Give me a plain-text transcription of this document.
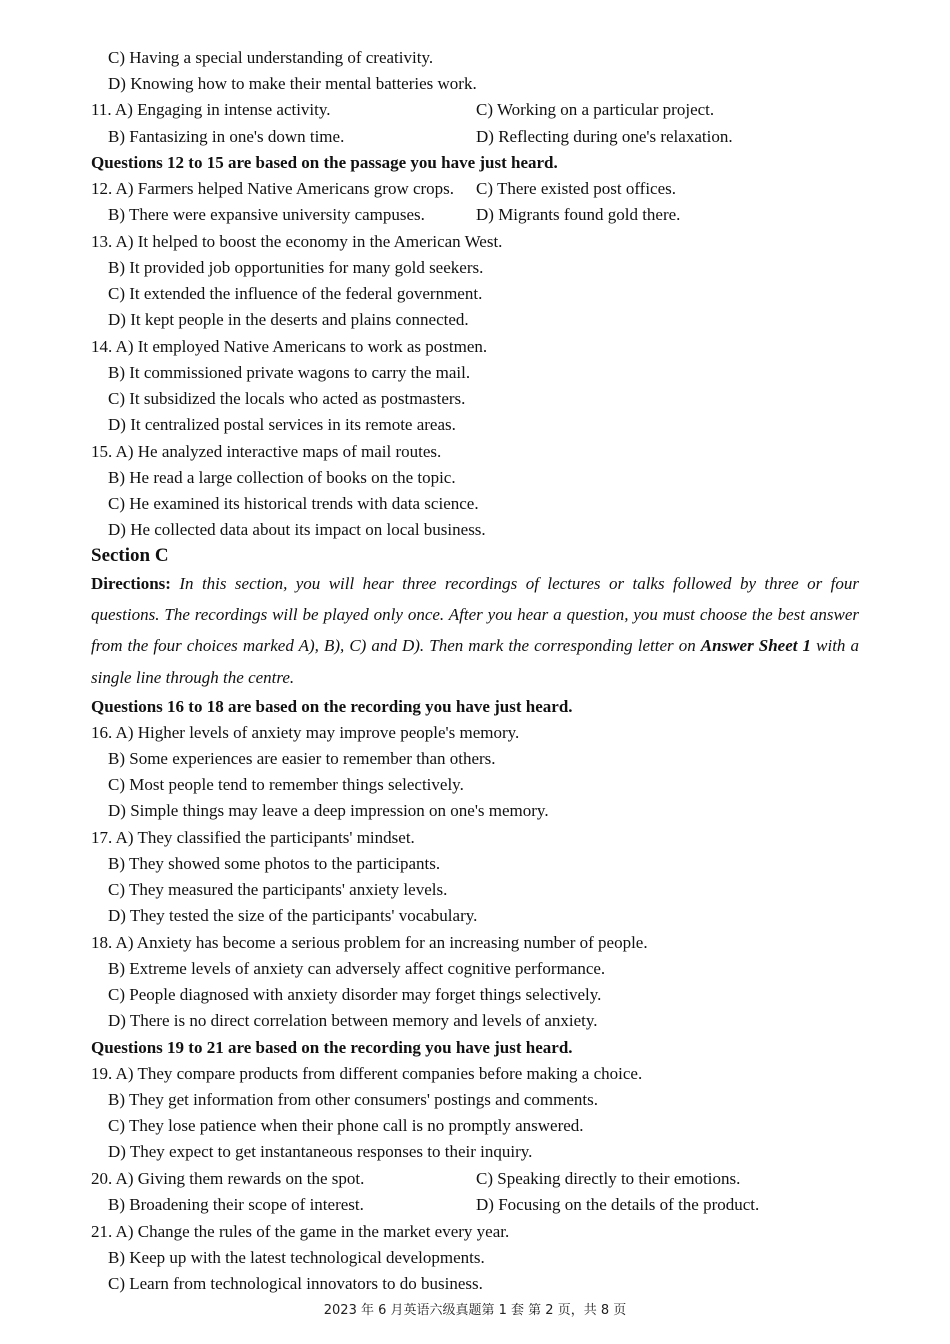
C) Having a special understanding of creativity.
D) Knowing how to make their mental batteries work.
11. A) Engaging in intense activity.	C) Working on a particular project.
B) Fantasizing in one's down time.	D) Reflecting during one's relaxation.
Questions 12 to 15 are based on the passage you have just heard.
12. A) Farmers helped Native Americans grow crops. C) There existed post offices.
B) There were expansive university campuses.	D) Migrants found gold there.
13. A) It helped to boost the economy in the American West.
B) It provided job opportunities for many gold seekers.
C) It extended the influence of the federal government.
D) It kept people in the deserts and plains connected.
14. A) It employed Native Americans to work as postmen.
B) It commissioned private wagons to carry the mail.
C) It subsidized the locals who acted as postmasters.
D) It centralized postal services in its remote areas.
15. A) He analyzed interactive maps of mail routes.
B) He read a large collection of books on the topic.
C) He examined its historical trends with data science.
D) He collected data about its impact on local business.
Section C
Directions: In this section, you will hear three recordings of lectures or talks followed by three or four questions. The recordings will be played only once. After you hear a question, you must choose the best answer from the four choices marked A), B), C) and D). Then mark the corresponding letter on Answer Sheet 1 with a single line through the centre.
Questions 16 to 18 are based on the recording you have just heard.
16. A) Higher levels of anxiety may improve people's memory.
B) Some experiences are easier to remember than others.
C) Most people tend to remember things selectively.
D) Simple things may leave a deep impression on one's memory.
17. A) They classified the participants' mindset.
B) They showed some photos to the participants.
C) They measured the participants' anxiety levels.
D) They tested the size of the participants' vocabulary.
18. A) Anxiety has become a serious problem for an increasing number of people.
B) Extreme levels of anxiety can adversely affect cognitive performance.
C) People diagnosed with anxiety disorder may forget things selectively.
D) There is no direct correlation between memory and levels of anxiety.
Questions 19 to 21 are based on the recording you have just heard.
19. A) They compare products from different companies before making a choice.
B) They get information from other consumers' postings and comments.
C) They lose patience when their phone call is no promptly answered.
D) They expect to get instantaneous responses to their inquiry.
20. A) Giving them rewards on the spot.	C) Speaking directly to their emotions.
B) Broadening their scope of interest.	D) Focusing on the details of the product.
21. A) Change the rules of the game in the market every year.
B) Keep up with the latest technological developments.
C) Learn from technological innovators to do business.
2023 年 6 月英语六级真题第 1 套 第 2 页，共 8 页
